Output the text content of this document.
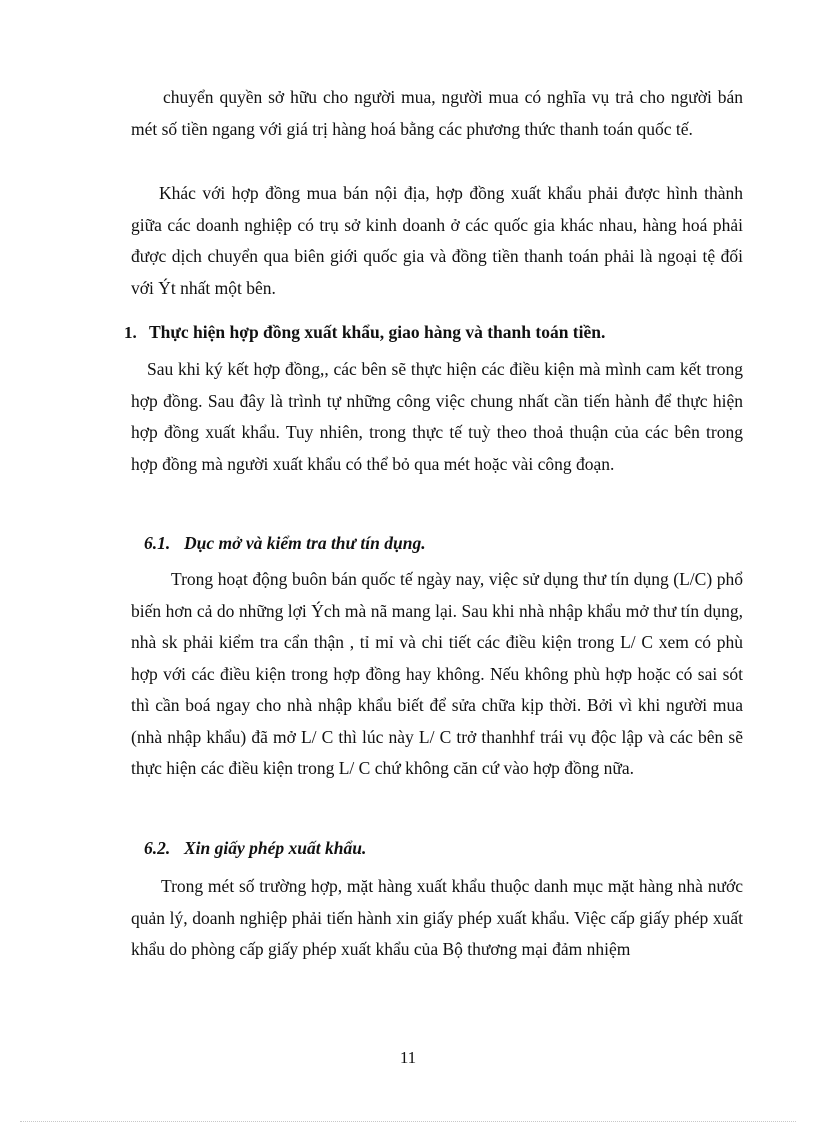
chuyển quyền sở hữu cho người mua, người mua có nghĩa vụ trả cho người bán mét số tiền ngang với giá trị hàng hoá bằng các phương thức thanh toán quốc tế.

Khác với hợp đồng mua bán nội địa, hợp đồng xuất khẩu phải được hình thành giữa các doanh nghiệp có trụ sở kinh doanh ở các quốc gia khác nhau, hàng hoá phải được dịch chuyển qua biên giới quốc gia và đồng tiền thanh toán phải là ngoại tệ đối với Ýt nhất một bên.

1. Thực hiện hợp đồng xuất khẩu, giao hàng và thanh toán tiền.

Sau khi ký kết hợp đồng,, các bên sẽ thực hiện các điều kiện mà mình cam kết trong hợp đồng. Sau đây là trình tự những công việc chung nhất cần tiến hành để thực hiện hợp đồng xuất khẩu. Tuy nhiên, trong thực tế tuỳ theo thoả thuận của các bên trong hợp đồng mà người xuất khẩu có thể bỏ qua mét hoặc vài công đoạn.

6.1. Dục mở và kiểm tra thư tín dụng.

Trong hoạt động buôn bán quốc tế ngày nay, việc sử dụng thư tín dụng (L/C) phổ biến hơn cả do những lợi Ých mà nã mang lại. Sau khi nhà nhập khẩu mở thư tín dụng, nhà sk phải kiểm tra cẩn thận , tỉ mỉ và chi tiết các điều kiện trong L/ C xem có phù hợp với các điều kiện trong hợp đồng hay không. Nếu không phù hợp hoặc có sai sót thì cần boá ngay cho nhà nhập khẩu biết để sửa chữa kịp thời. Bởi vì khi người mua (nhà nhập khẩu) đã mở L/ C thì lúc này L/ C trở thanhhf trái vụ độc lập và các bên sẽ thực hiện các điều kiện trong L/ C chứ không căn cứ vào hợp đồng nữa.

6.2. Xin giấy phép xuất khẩu.

Trong mét số trường hợp, mặt hàng xuất khẩu thuộc danh mục mặt hàng nhà nước quản lý, doanh nghiệp phải tiến hành xin giấy phép xuất khẩu. Việc cấp giấy phép xuất khẩu do phòng cấp giấy phép xuất khẩu của Bộ thương mại đảm nhiệm

11
